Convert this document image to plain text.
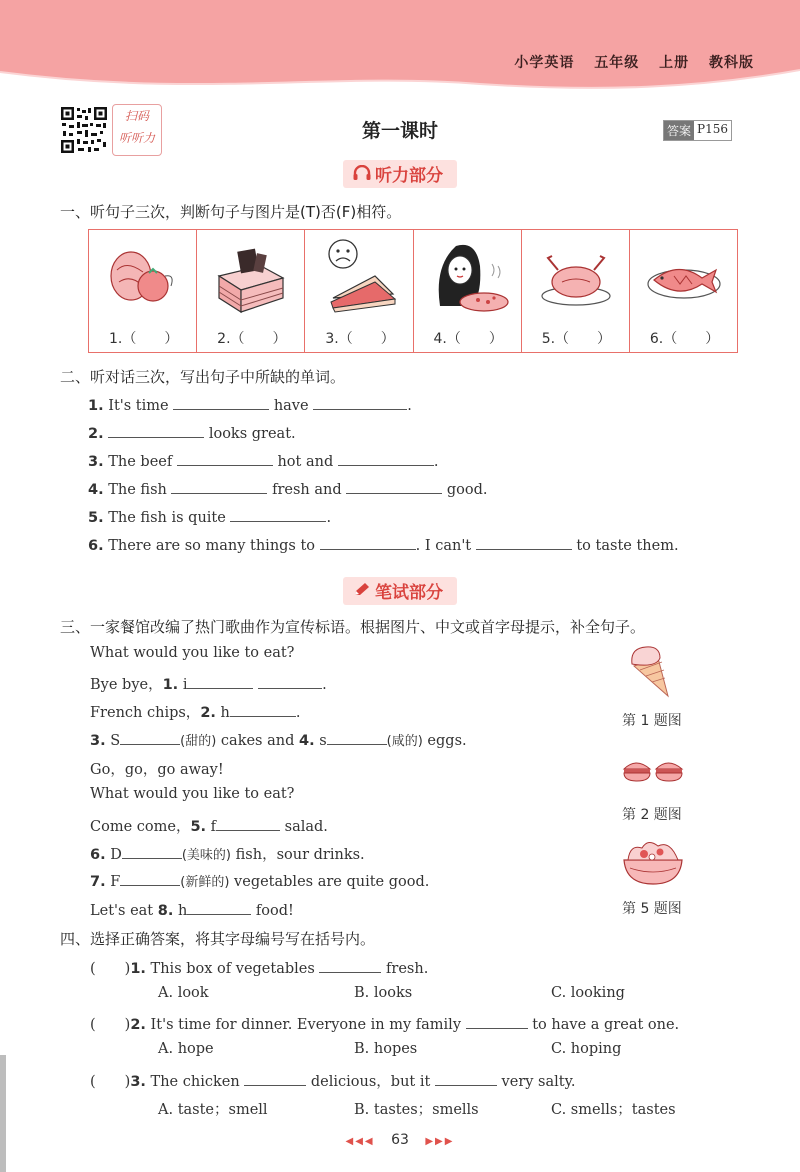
小学英语 五年级 上册 教科版
扫码
听听力	第一课时	答案 P156
听力部分
一、听句子三次，判断句子与图片是(T)否(F)相符。
1.（　　）	2.（　　）	3.（　　）	4.（　　）	5.（　　）	6.（　　）
二、听对话三次，写出句子中所缺的单词。
1. It's time	have	.
2.	looks great.
3. The beef	hot and	.
4. The fish	fresh and	good.
5. The fish is quite	.
6. There are so many things to	. I can't	to taste them.
笔试部分
三、一家餐馆改编了热门歌曲作为宣传标语。根据图片、中文或首字母提示，补全句子。
What would you like to eat?
Bye bye，1. i	.
French chips，2. h	.
3. S	(甜的) cakes and 4. s	(咸的) eggs.
Go，go，go away!
What would you like to eat?
Come come，5. f	salad.
6. D	(美味的) fish，sour drinks.
7. F	(新鲜的) vegetables are quite good.
Let's eat 8. h	food!
第 1 题图
第 2 题图
第 5 题图
四、选择正确答案，将其字母编号写在括号内。
(　　)1. This box of vegetables	fresh.
A. look	B. looks	C. looking
(　　)2. It's time for dinner. Everyone in my family	to have a great one.
A. hope	B. hopes	C. hoping
(　　)3. The chicken	delicious，but it	very salty.
A. taste；smell	B. tastes；smells	C. smells；tastes
◀◀◀ 63 ▶▶▶
